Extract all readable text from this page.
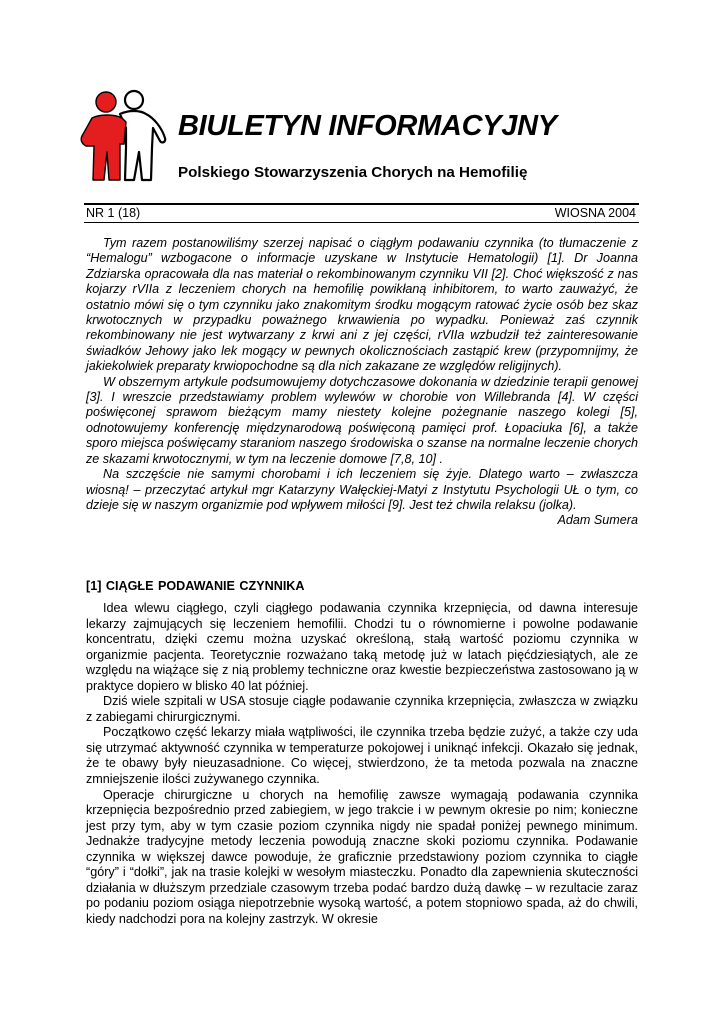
BIULETYN INFORMACYJNY
Polskiego Stowarzyszenia Chorych na Hemofilię
NR 1 (18)	WIOSNA 2004

Tym razem postanowiliśmy szerzej napisać o ciągłym podawaniu czynnika (to tłumaczenie z “Hemalogu” wzbogacone o informacje uzyskane w Instytucie Hematologii) [1]. Dr Joanna Zdziarska opracowała dla nas materiał o rekombinowanym czynniku VII [2]. Choć większość z nas kojarzy rVIIa z leczeniem chorych na hemofilię powikłaną inhibitorem, to warto zauważyć, że ostatnio mówi się o tym czynniku jako znakomitym środku mogącym ratować życie osób bez skaz krwotocznych w przypadku poważnego krwawienia po wypadku. Ponieważ zaś czynnik rekombinowany nie jest wytwarzany z krwi ani z jej części, rVIIa wzbudził też zainteresowanie świadków Jehowy jako lek mogący w pewnych okolicznościach zastąpić krew (przypomnijmy, że jakiekolwiek preparaty krwiopochodne są dla nich zakazane ze względów religijnych).

W obszernym artykule podsumowujemy dotychczasowe dokonania w dziedzinie terapii genowej [3]. I wreszcie przedstawiamy problem wylewów w chorobie von Willebranda [4]. W części poświęconej sprawom bieżącym mamy niestety kolejne pożegnanie naszego kolegi [5], odnotowujemy konferencję międzynarodową poświęconą pamięci prof. Łopaciuka [6], a także sporo miejsca poświęcamy staraniom naszego środowiska o szanse na normalne leczenie chorych ze skazami krwotocznymi, w tym na leczenie domowe [7,8, 10] .

Na szczęście nie samymi chorobami i ich leczeniem się żyje. Dlatego warto – zwłaszcza wiosną! – przeczytać artykuł mgr Katarzyny Wałęckiej-Matyi z Instytutu Psychologii UŁ o tym, co dzieje się w naszym organizmie pod wpływem miłości [9]. Jest też chwila relaksu (jolka).

Adam Sumera

[1] CIĄGŁE PODAWANIE CZYNNIKA

Idea wlewu ciągłego, czyli ciągłego podawania czynnika krzepnięcia, od dawna interesuje lekarzy zajmujących się leczeniem hemofilii. Chodzi tu o równomierne i powolne podawanie koncentratu, dzięki czemu można uzyskać określoną, stałą wartość poziomu czynnika w organizmie pacjenta. Teoretycznie rozważano taką metodę już w latach pięćdziesiątych, ale ze względu na wiążące się z nią problemy techniczne oraz kwestie bezpieczeństwa zastosowano ją w praktyce dopiero w blisko 40 lat później.

Dziś wiele szpitali w USA stosuje ciągłe podawanie czynnika krzepnięcia, zwłaszcza w związku z zabiegami chirurgicznymi.

Początkowo część lekarzy miała wątpliwości, ile czynnika trzeba będzie zużyć, a także czy uda się utrzymać aktywność czynnika w temperaturze pokojowej i uniknąć infekcji. Okazało się jednak, że te obawy były nieuzasadnione. Co więcej, stwierdzono, że ta metoda pozwala na znaczne zmniejszenie ilości zużywanego czynnika.

Operacje chirurgiczne u chorych na hemofilię zawsze wymagają podawania czynnika krzepnięcia bezpośrednio przed zabiegiem, w jego trakcie i w pewnym okresie po nim; konieczne jest przy tym, aby w tym czasie poziom czynnika nigdy nie spadał poniżej pewnego minimum. Jednakże tradycyjne metody leczenia powodują znaczne skoki poziomu czynnika. Podawanie czynnika w większej dawce powoduje, że graficznie przedstawiony poziom czynnika to ciągłe “góry” i “dołki”, jak na trasie kolejki w wesołym miasteczku. Ponadto dla zapewnienia skuteczności działania w dłuższym przedziale czasowym trzeba podać bardzo dużą dawkę – w rezultacie zaraz po podaniu poziom osiąga niepotrzebnie wysoką wartość, a potem stopniowo spada, aż do chwili, kiedy nadchodzi pora na kolejny zastrzyk. W okresie
